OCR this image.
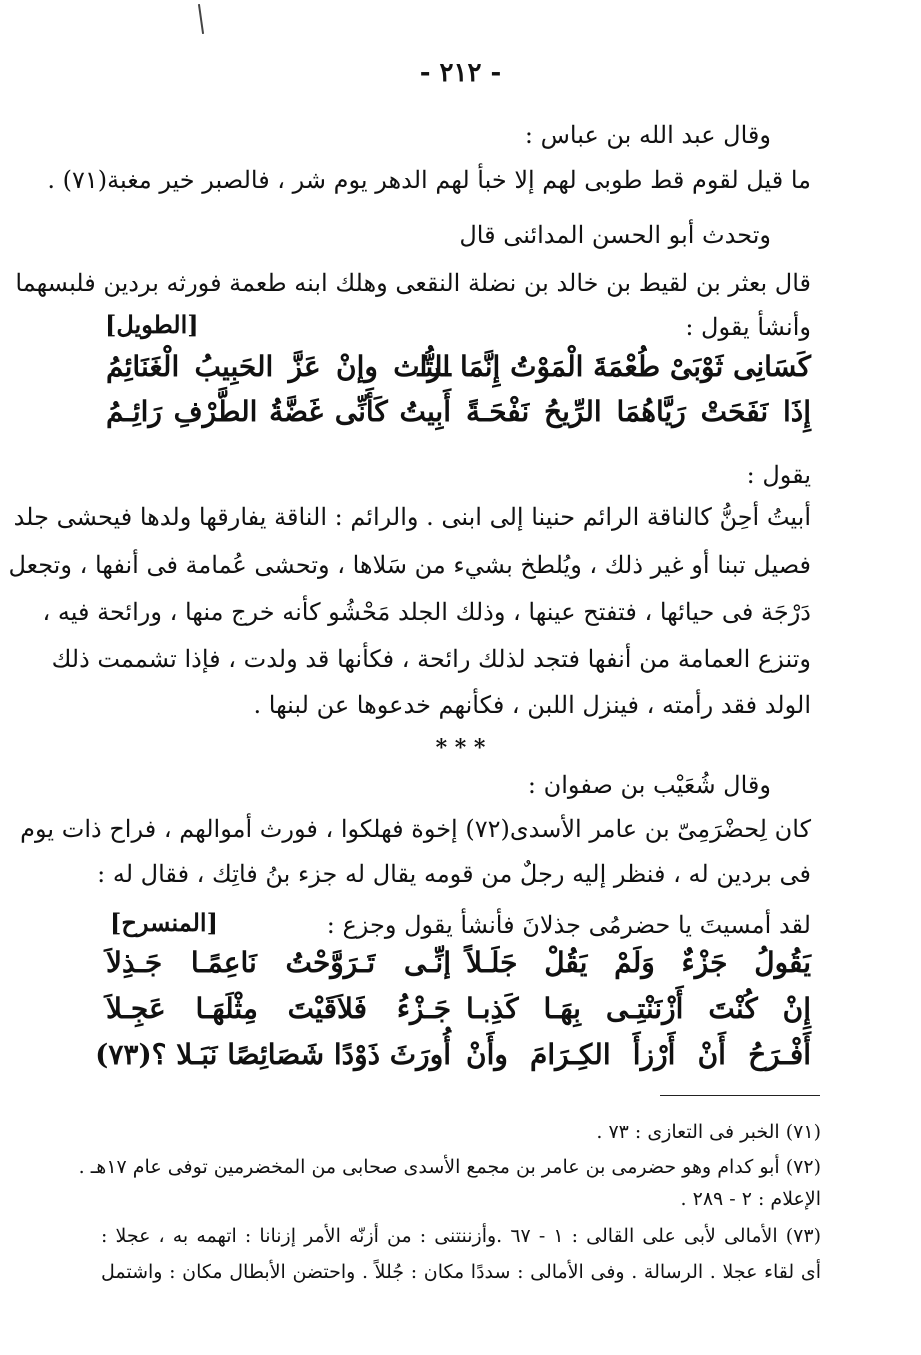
- ٢١٢ -
وقال عبد الله بن عباس :
ما قيل لقوم قط طوبى لهم إلا خبأ لهم الدهر يوم شر ، فالصبر خير مغبة(٧١) .
وتحدث أبو الحسن المدائنى قال
قال بعثر بن لقيط بن خالد بن نضلة النقعى وهلك ابنه طعمة فورثه بردين فلبسهما
وأنشأ يقول :
[الطويل]
كَسَانِى ثَوْبَىْ طُعْمَةَ الْمَوْتُ إِنَّمَا التُّـ
ـراث وإنْ عَزَّ الحَبِيبُ الْغَنَائِمُ
إِذَا نَفَحَتْ رَيَّاهُمَا الرِّيحُ نَفْحَـةً
أَبِيتُ كَأَنِّى غَضَّةُ الطَّرْفِ رَائِـمُ
يقول :
أبيتُ أحِنُّ كالناقة الرائم حنينا إلى ابنى . والرائم : الناقة يفارقها ولدها فيحشى جلد
فصيل تبنا أو غير ذلك ، ويُلطخ بشيء من سَلاها ، وتحشى عُمامة فى أنفها ، وتجعل
دَرْجَة فى حيائها ، فتفتح عينها ، وذلك الجلد مَحْشُو كأنه خرج منها ، ورائحة فيه ،
وتنزع العمامة من أنفها فتجد لذلك رائحة ، فكأنها قد ولدت ، فإذا تشممت ذلك
الولد فقد رأمته ، فينزل اللبن ، فكأنهم خدعوها عن لبنها .
* * *
وقال شُعَيْب بن صفوان :
كان لِحضْرَمِىّ بن عامر الأسدى(٧٢) إخوة فهلكوا ، فورث أموالهم ، فراح ذات يوم
فى بردين له ، فنظر إليه رجلٌ من قومه يقال له جزء بنُ فاتِك ، فقال له :
لقد أمسيتَ يا حضرمُى جذلانَ فأنشأ يقول وجزع :
[المنسرح]
يَقُولُ جَزْءٌ وَلَمْ يَقُلْ جَلَـلاً
إنِّـى تَـرَوَّحْتُ نَاعِمًـا جَـذِلاَ
إِنْ كُنْتَ أَزْنَنْتِـى بِهَـا كَذِبـا
جَـزْءُ فَلاَقَيْتَ مِثْلَهَـا عَجِـلاَ
أَفْـرَحُ أَنْ أَرْزأَ الكِـرَامَ وأَنْ
أُورَثَ ذَوْدًا شَصَائِصًا نَبَـلا ؟(٧٣)
(٧١) الخبر فى التعازى : ٧٣ .
(٧٢) أبو كدام وهو حضرمى بن عامر بن مجمع الأسدى صحابى من المخضرمين توفى عام ١٧هـ .
الإعلام : ٢ - ٢٨٩ .
(٧٣) الأمالى لأبى على القالى : ١ - ٦٧ .وأزننتنى : من أزنّه الأمر إزنانا : اتهمه به ، عجلا :
أى لقاء عجلا . الرسالة . وفى الأمالى : سددًا مكان : جُللاً . واحتضن الأبطال مكان : واشتمل
